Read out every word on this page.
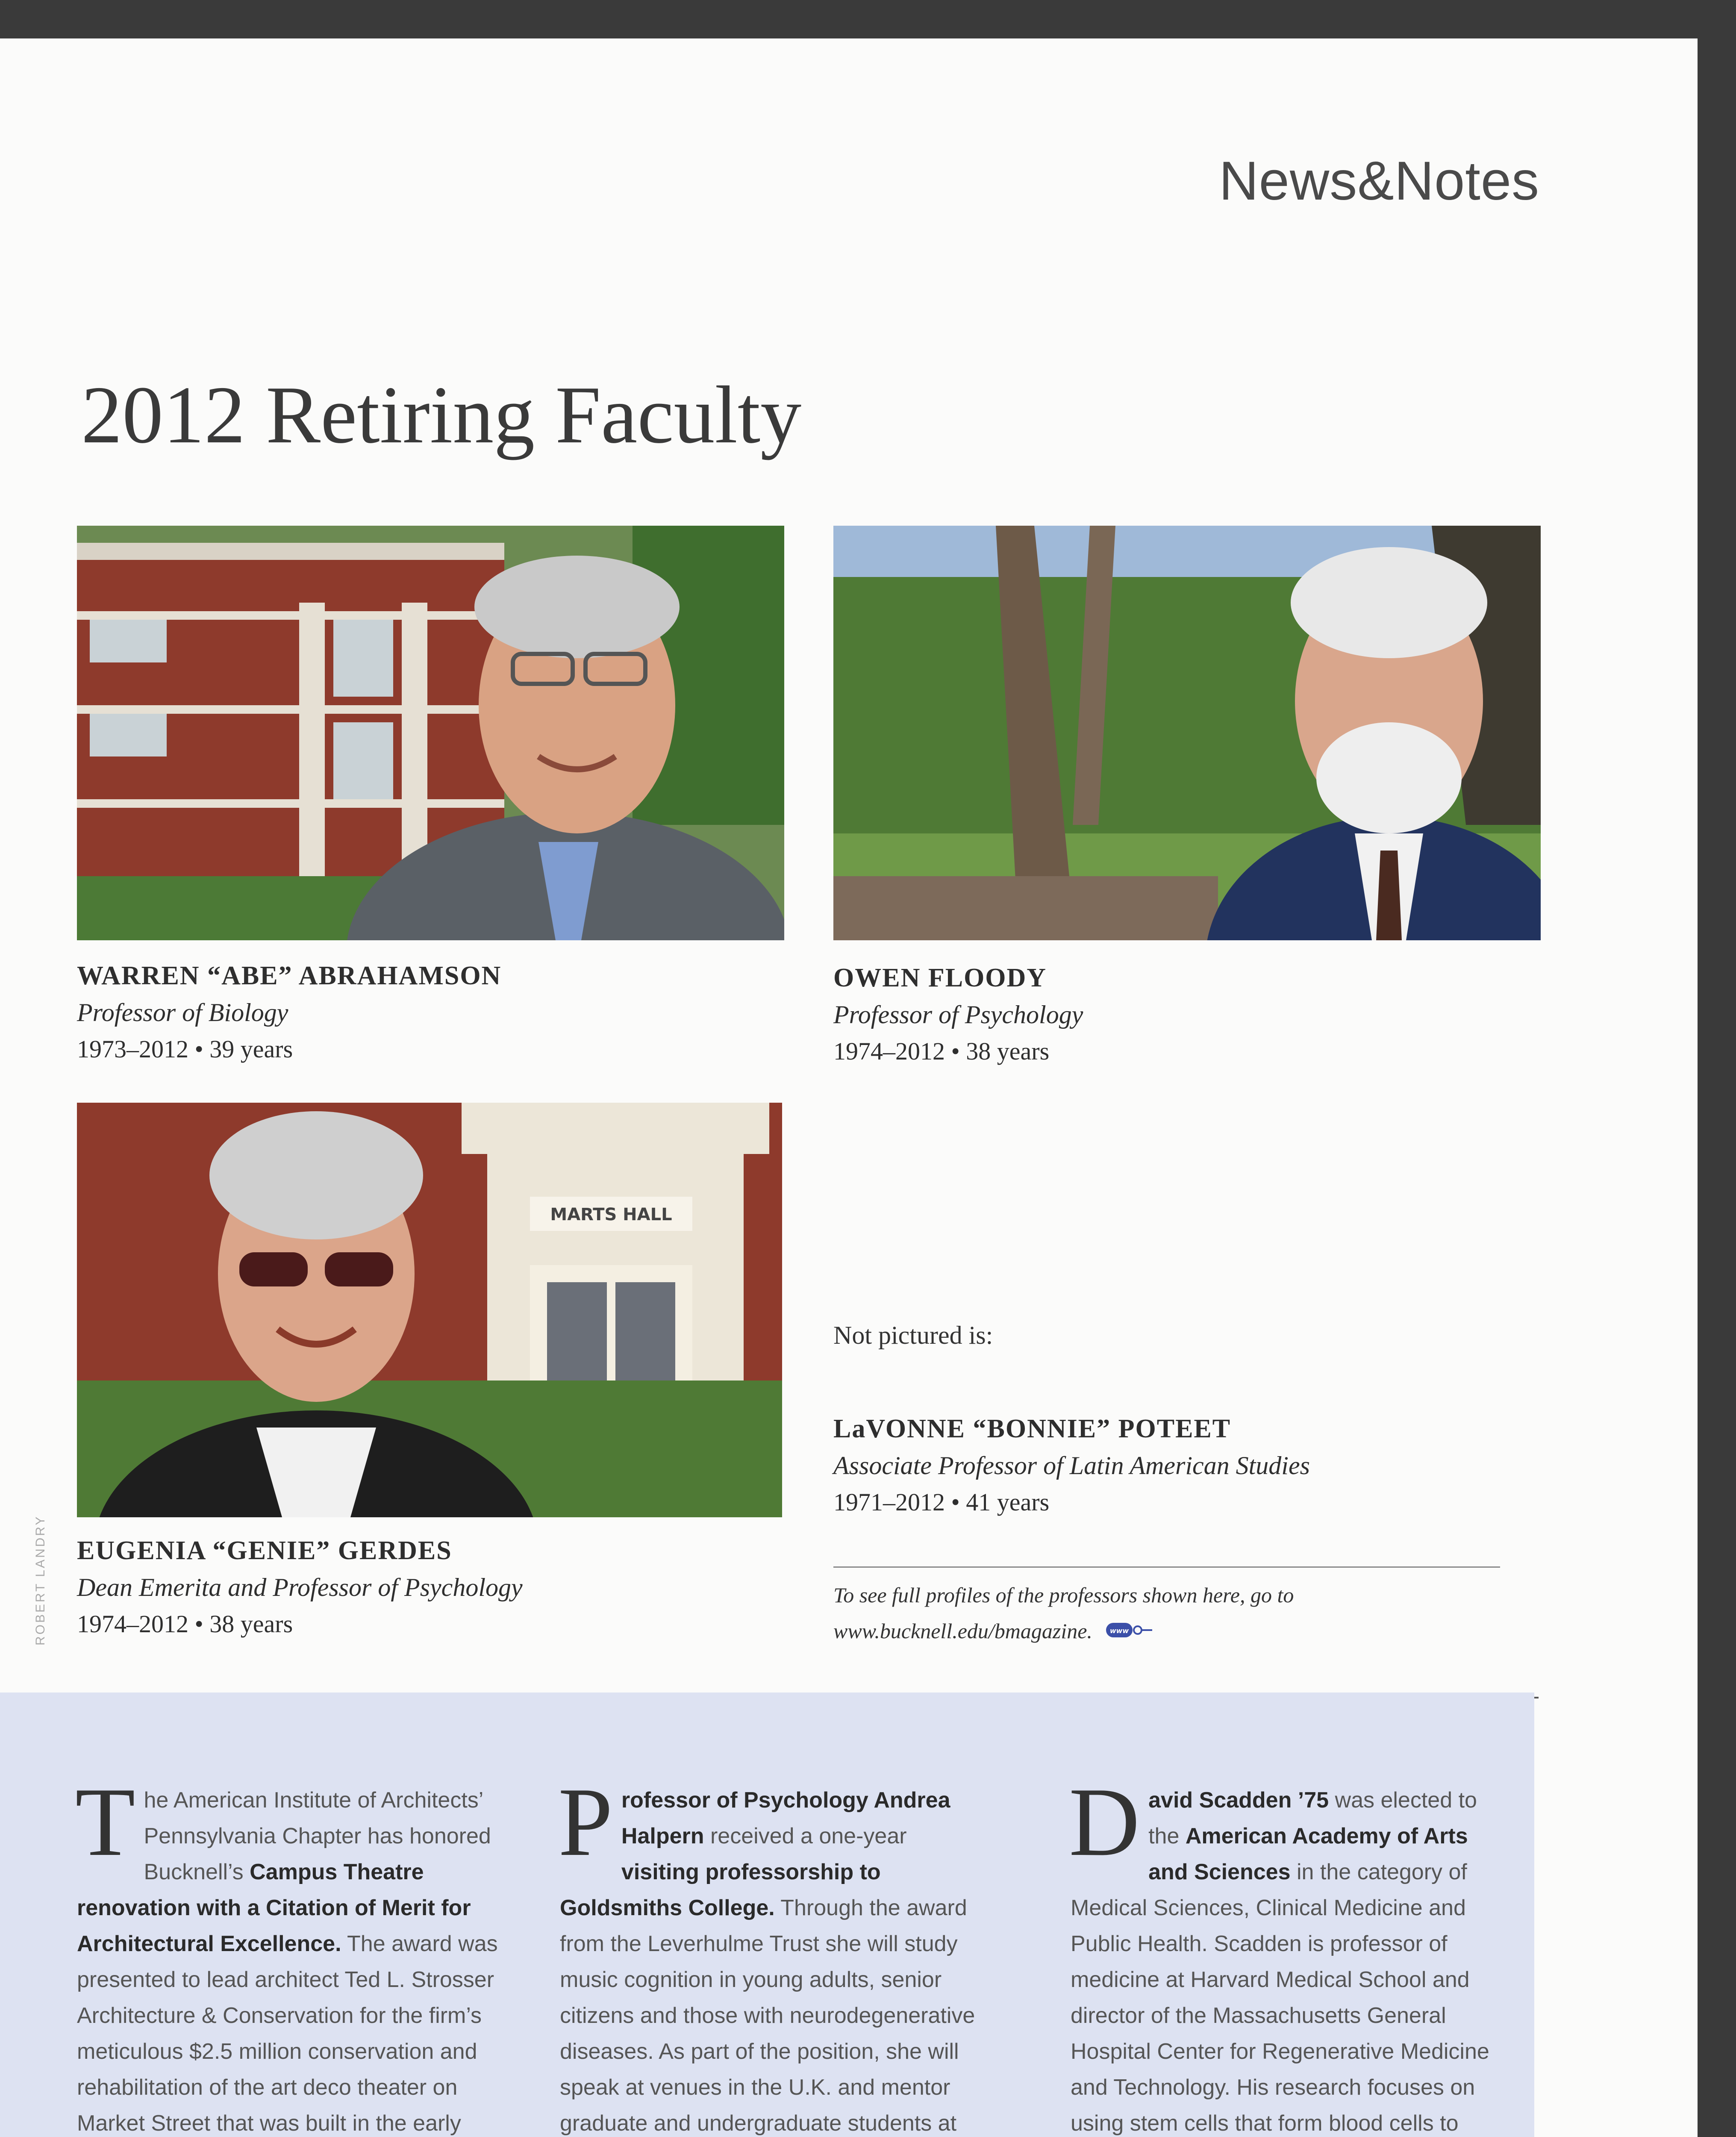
News&Notes
2012 Retiring Faculty
MARTS HALL
WARREN “ABE” ABRAHAMSON
Professor of Biology
1973–2012 • 39 years
OWEN FLOODY
Professor of Psychology
1974–2012 • 38 years
EUGENIA “GENIE” GERDES
Dean Emerita and Professor of Psychology
1974–2012 • 38 years
ROBERT LANDRY
Not pictured is:
LaVONNE “BONNIE” POTEET
Associate Professor of Latin American Studies
1971–2012 • 41 years
To see full profiles of the professors shown here, go to www.bucknell.edu/bmagazine.	www
T he American Institute of Architects’ Pennsylvania Chapter has honored Bucknell’s Campus Theatre renovation with a Citation of Merit for Architectural Excellence. The award was presented to lead architect Ted L. Strosser Architecture & Conservation for the firm’s meticulous $2.5 million conservation and rehabilitation of the art deco theater on Market Street that was built in the early
P rofessor of Psychology Andrea Halpern received a one-year visiting professorship to Goldsmiths College. Through the award from the Leverhulme Trust she will study music cognition in young adults, senior citizens and those with neurodegenerative diseases. As part of the position, she will speak at venues in the U.K. and mentor graduate and undergraduate students at
D avid Scadden ’75 was elected to the American Academy of Arts and Sciences in the category of Medical Sciences, Clinical Medicine and Public Health. Scadden is professor of medicine at Harvard Medical School and director of the Massachusetts General Hospital Center for Regenerative Medicine and Technology. His research focuses on using stem cells that form blood cells to
